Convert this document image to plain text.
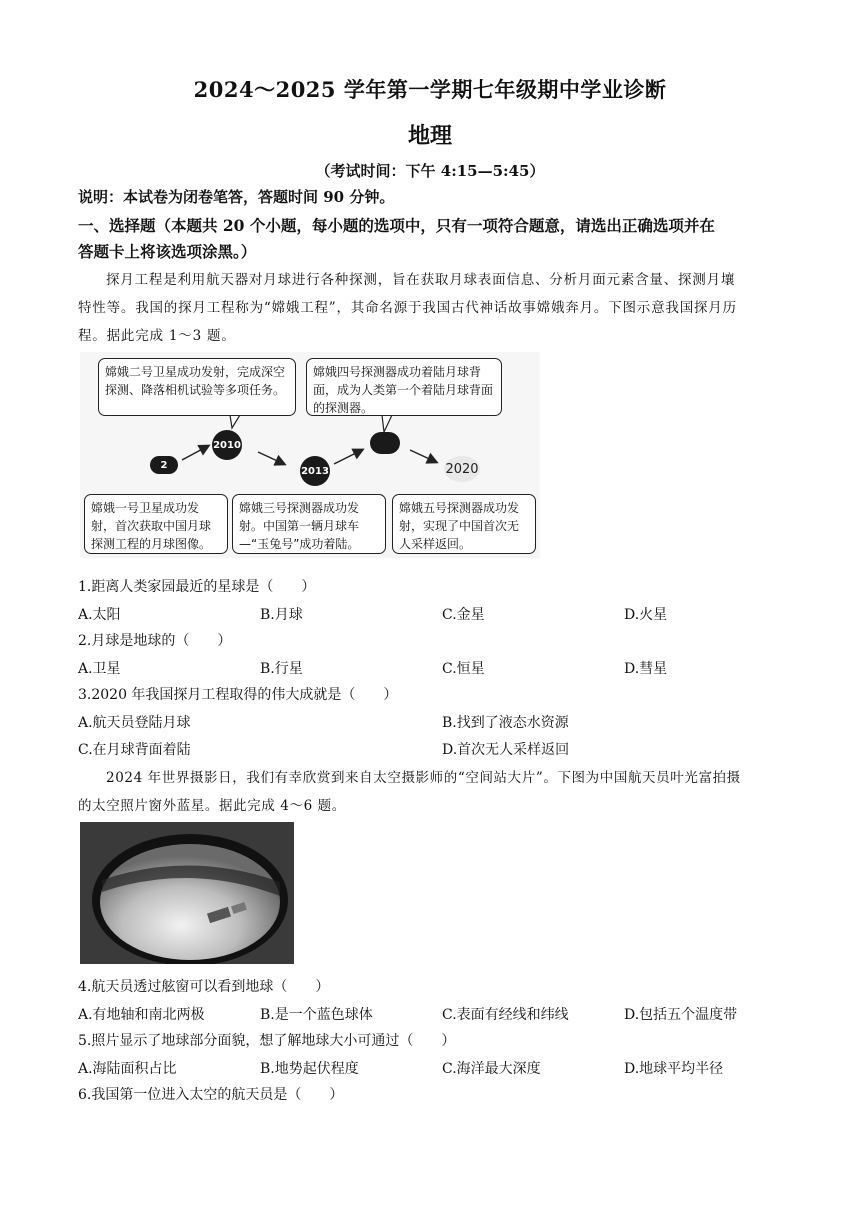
2024～2025 学年第一学期七年级期中学业诊断
地理
（考试时间：下午 4:15—5:45）
说明：本试卷为闭卷笔答，答题时间 90 分钟。
一、选择题（本题共 20 个小题，每小题的选项中，只有一项符合题意，请选出正确选项并在
答题卡上将该选项涂黑。）
探月工程是利用航天器对月球进行各种探测，旨在获取月球表面信息、分析月面元素含量、探测月壤
特性等。我国的探月工程称为“嫦娥工程”，其命名源于我国古代神话故事嫦娥奔月。下图示意我国探月历
程。据此完成 1～3 题。
嫦娥二号卫星成功发射，完成深空探测、降落相机试验等多项任务。
嫦娥四号探测器成功着陆月球背面，成为人类第一个着陆月球背面的探测器。
2
2010
2013	2020
嫦娥一号卫星成功发射，首次获取中国月球探测工程的月球图像。
嫦娥三号探测器成功发射。中国第一辆月球车—“玉兔号”成功着陆。
嫦娥五号探测器成功发射，实现了中国首次无人采样返回。
1.距离人类家园最近的星球是（　　）
A.太阳	B.月球	C.金星	D.火星
2.月球是地球的（　　）
A.卫星	B.行星	C.恒星	D.彗星
3.2020 年我国探月工程取得的伟大成就是（　　）
A.航天员登陆月球	B.找到了液态水资源
C.在月球背面着陆	D.首次无人采样返回
2024 年世界摄影日，我们有幸欣赏到来自太空摄影师的“空间站大片”。下图为中国航天员叶光富拍摄
的太空照片窗外蓝星。据此完成 4～6 题。
4.航天员透过舷窗可以看到地球（　　）
A.有地轴和南北两极	B.是一个蓝色球体	C.表面有经线和纬线	D.包括五个温度带
5.照片显示了地球部分面貌，想了解地球大小可通过（　　）
A.海陆面积占比	B.地势起伏程度	C.海洋最大深度	D.地球平均半径
6.我国第一位进入太空的航天员是（　　）
